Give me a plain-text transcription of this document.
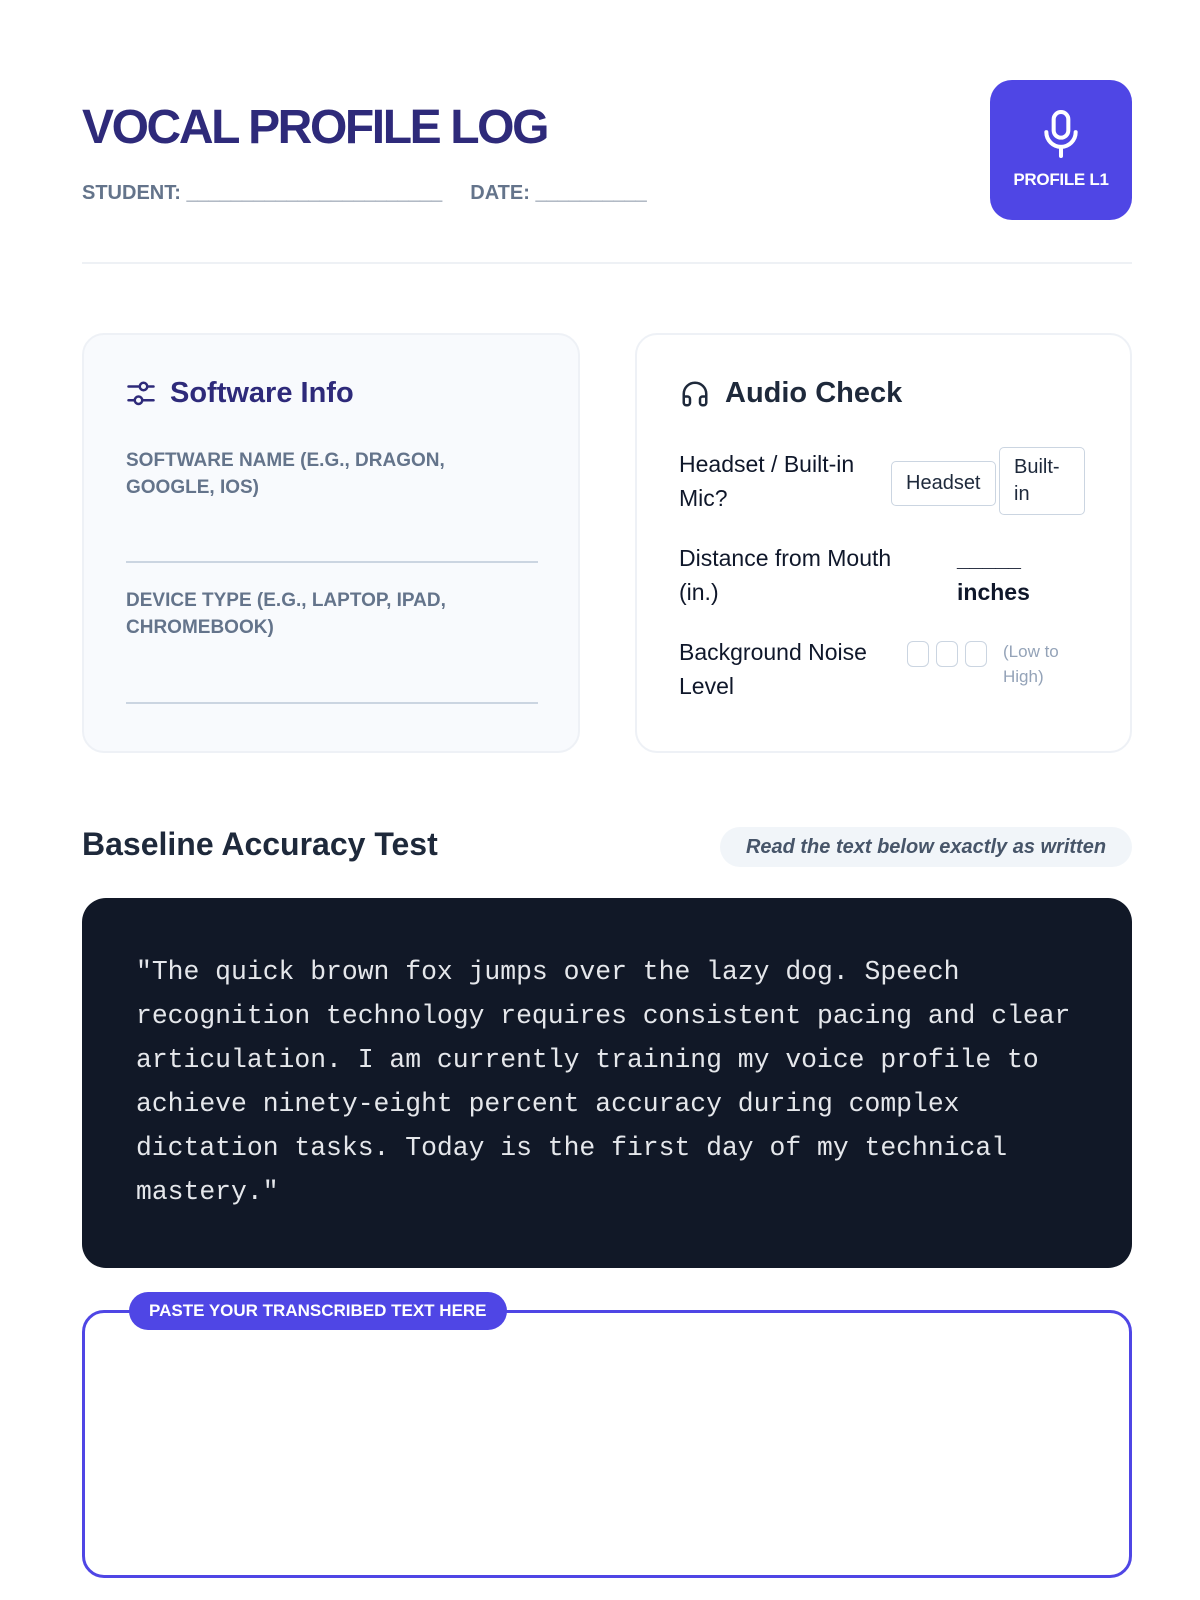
VOCAL PROFILE LOG
STUDENT: _______________________ DATE: __________
PROFILE L1
Software Info
SOFTWARE NAME (E.G., DRAGON, GOOGLE, IOS)
DEVICE TYPE (E.G., LAPTOP, IPAD, CHROMEBOOK)
Audio Check
Headset / Built-in Mic?
Headset
Built-in
Distance from Mouth (in.)
_____ inches
Background Noise Level
(Low to High)
Baseline Accuracy Test	Read the text below exactly as written
"The quick brown fox jumps over the lazy dog. Speech recognition technology requires consistent pacing and clear articulation. I am currently training my voice profile to achieve ninety-eight percent accuracy during complex dictation tasks. Today is the first day of my technical mastery."
PASTE YOUR TRANSCRIBED TEXT HERE
